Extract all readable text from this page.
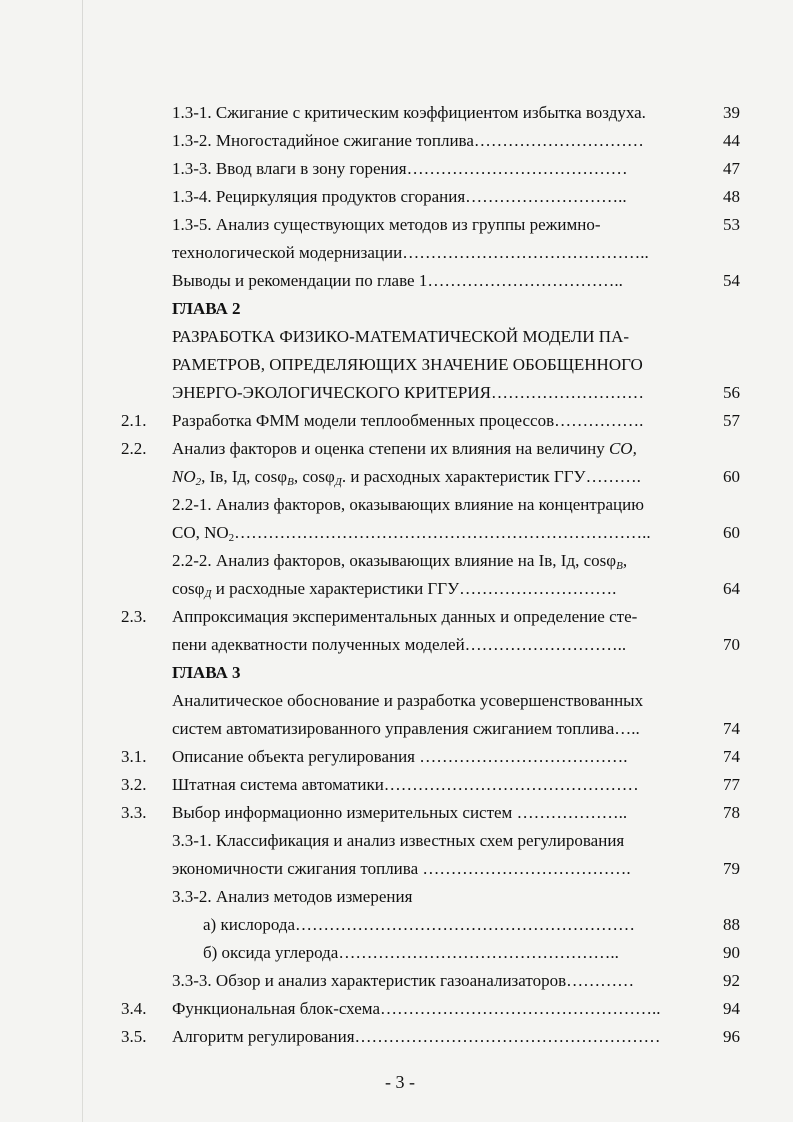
1.3-1. Сжигание с критическим коэффициентом избытка воздуха.	39
1.3-2. Многостадийное сжигание топлива…………………………	44
1.3-3. Ввод влаги в зону горения…………………………………	47
1.3-4. Рециркуляция продуктов сгорания………………………..	48
1.3-5. Анализ существующих методов из группы режимно-	53
технологической модернизации……………………………………..
Выводы и рекомендации по главе 1……………………………..	54
ГЛАВА 2
РАЗРАБОТКА ФИЗИКО-МАТЕМАТИЧЕСКОЙ МОДЕЛИ ПА-
РАМЕТРОВ, ОПРЕДЕЛЯЮЩИХ ЗНАЧЕНИЕ ОБОБЩЕННОГО
ЭНЕРГО-ЭКОЛОГИЧЕСКОГО КРИТЕРИЯ………………………	56
2.1. Разработка ФММ модели теплообменных процессов…………….	57
2.2. Анализ факторов и оценка степени их влияния на величину CO,
$NO_2$, Iв, Iд, cosφ$_В$, cosφ$_Д$. и расходных характеристик ГГУ……….	60
2.2-1. Анализ факторов, оказывающих влияние на концентрацию
CO, $NO_2\dots\dots\dots\dots\dots\dots\dots\dots\dots\dots\dots\dots\dots\dots\dots\dots\dots\dots\dots\dots\dots\dots\dots\dots$..	60
2.2-2. Анализ факторов, оказывающих влияние на Iв, Iд, cosφ$_В$,
cosφ$_Д$ и расходные характеристики ГГУ……………………….	64
2.3. Аппроксимация экспериментальных данных и определение сте-
пени адекватности полученных моделей………………………..	70
ГЛАВА 3
Аналитическое обоснование и разработка усовершенствованных
систем автоматизированного управления сжиганием топлива…..	74
3.1. Описание объекта регулирования ……………………………….	74
3.2. Штатная система автоматики………………………………………	77
3.3. Выбор информационно измерительных систем ………………..	78
3.3-1. Классификация и анализ известных схем регулирования
экономичности сжигания топлива ……………………………….	79
3.3-2. Анализ методов измерения
а) кислорода……………………………………………………	88
б) оксида углерода…………………………………………..	90
3.3-3. Обзор и анализ характеристик газоанализаторов…………	92
3.4. Функциональная блок-схема…………………………………………..	94
3.5. Алгоритм регулирования………………………………………………	96
- 3 -
